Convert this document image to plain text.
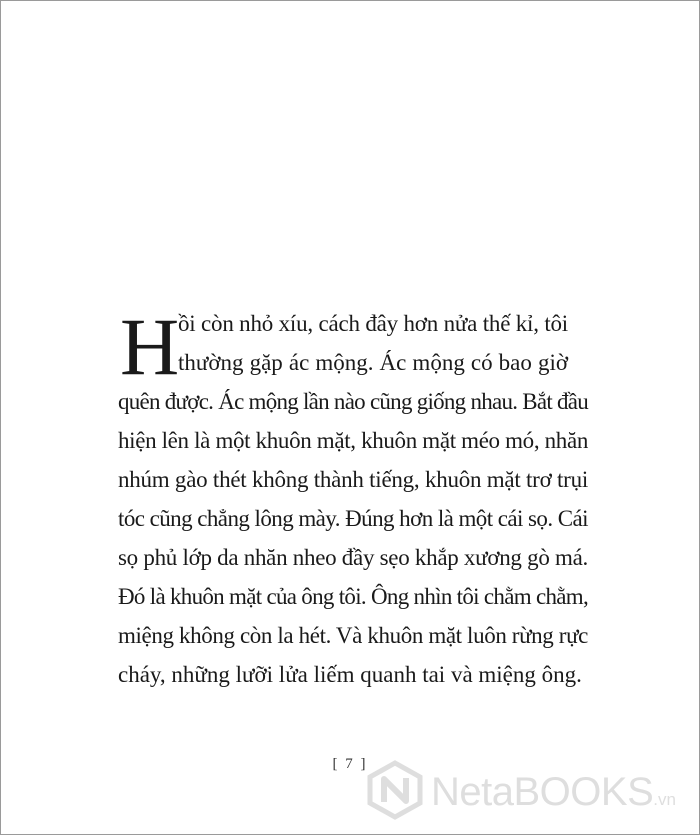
H
ồi còn nhỏ xíu, cách đây hơn nửa thế kỉ, tôi
thường gặp ác mộng. Ác mộng có bao giờ
quên được. Ác mộng lần nào cũng giống nhau. Bắt đầu
hiện lên là một khuôn mặt, khuôn mặt méo mó, nhăn
nhúm gào thét không thành tiếng, khuôn mặt trơ trụi
tóc cũng chẳng lông mày. Đúng hơn là một cái sọ. Cái
sọ phủ lớp da nhăn nheo đầy sẹo khắp xương gò má.
Đó là khuôn mặt của ông tôi. Ông nhìn tôi chằm chằm,
miệng không còn la hét. Và khuôn mặt luôn rừng rực
cháy, những lưỡi lửa liếm quanh tai và miệng ông.
[ 7 ]
NetaBOOKS.vn
